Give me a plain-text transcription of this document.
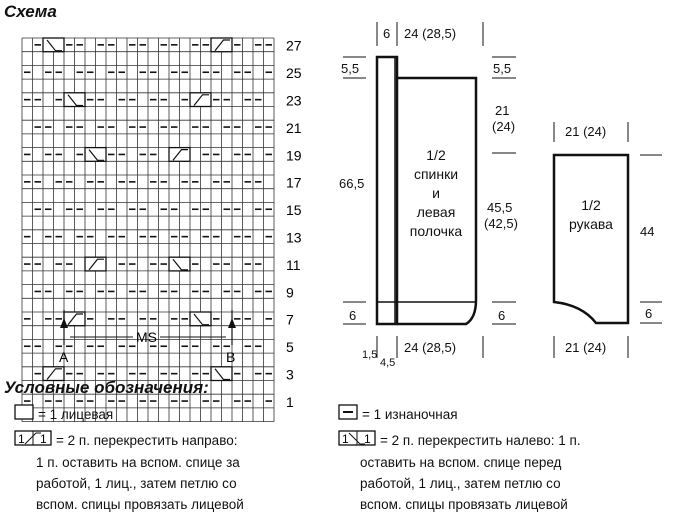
Схема
27
25
23
21
19
17
15
13
11
9
7
5
3
1
A	B
MS
24 (28,5)
6
5,5	5,5
21
(24)
66,5
45,5
(42,5)
6	6
1,5
4,5
24 (28,5)
1/2
спинки
и
левая
полочка
21 (24)
44
6
21 (24)
1/2
рукава
Условные обозначения:
= 1 лицевая
1 1 = 2 п. перекрестить направо:
1 п. оставить на вспом. спице за
работой, 1 лиц., затем петлю со
вспом. спицы провязать лицевой
= 1 изнаночная
1 1 = 2 п. перекрестить налево: 1 п.
оставить на вспом. спице перед
работой, 1 лиц., затем петлю со
вспом. спицы провязать лицевой
